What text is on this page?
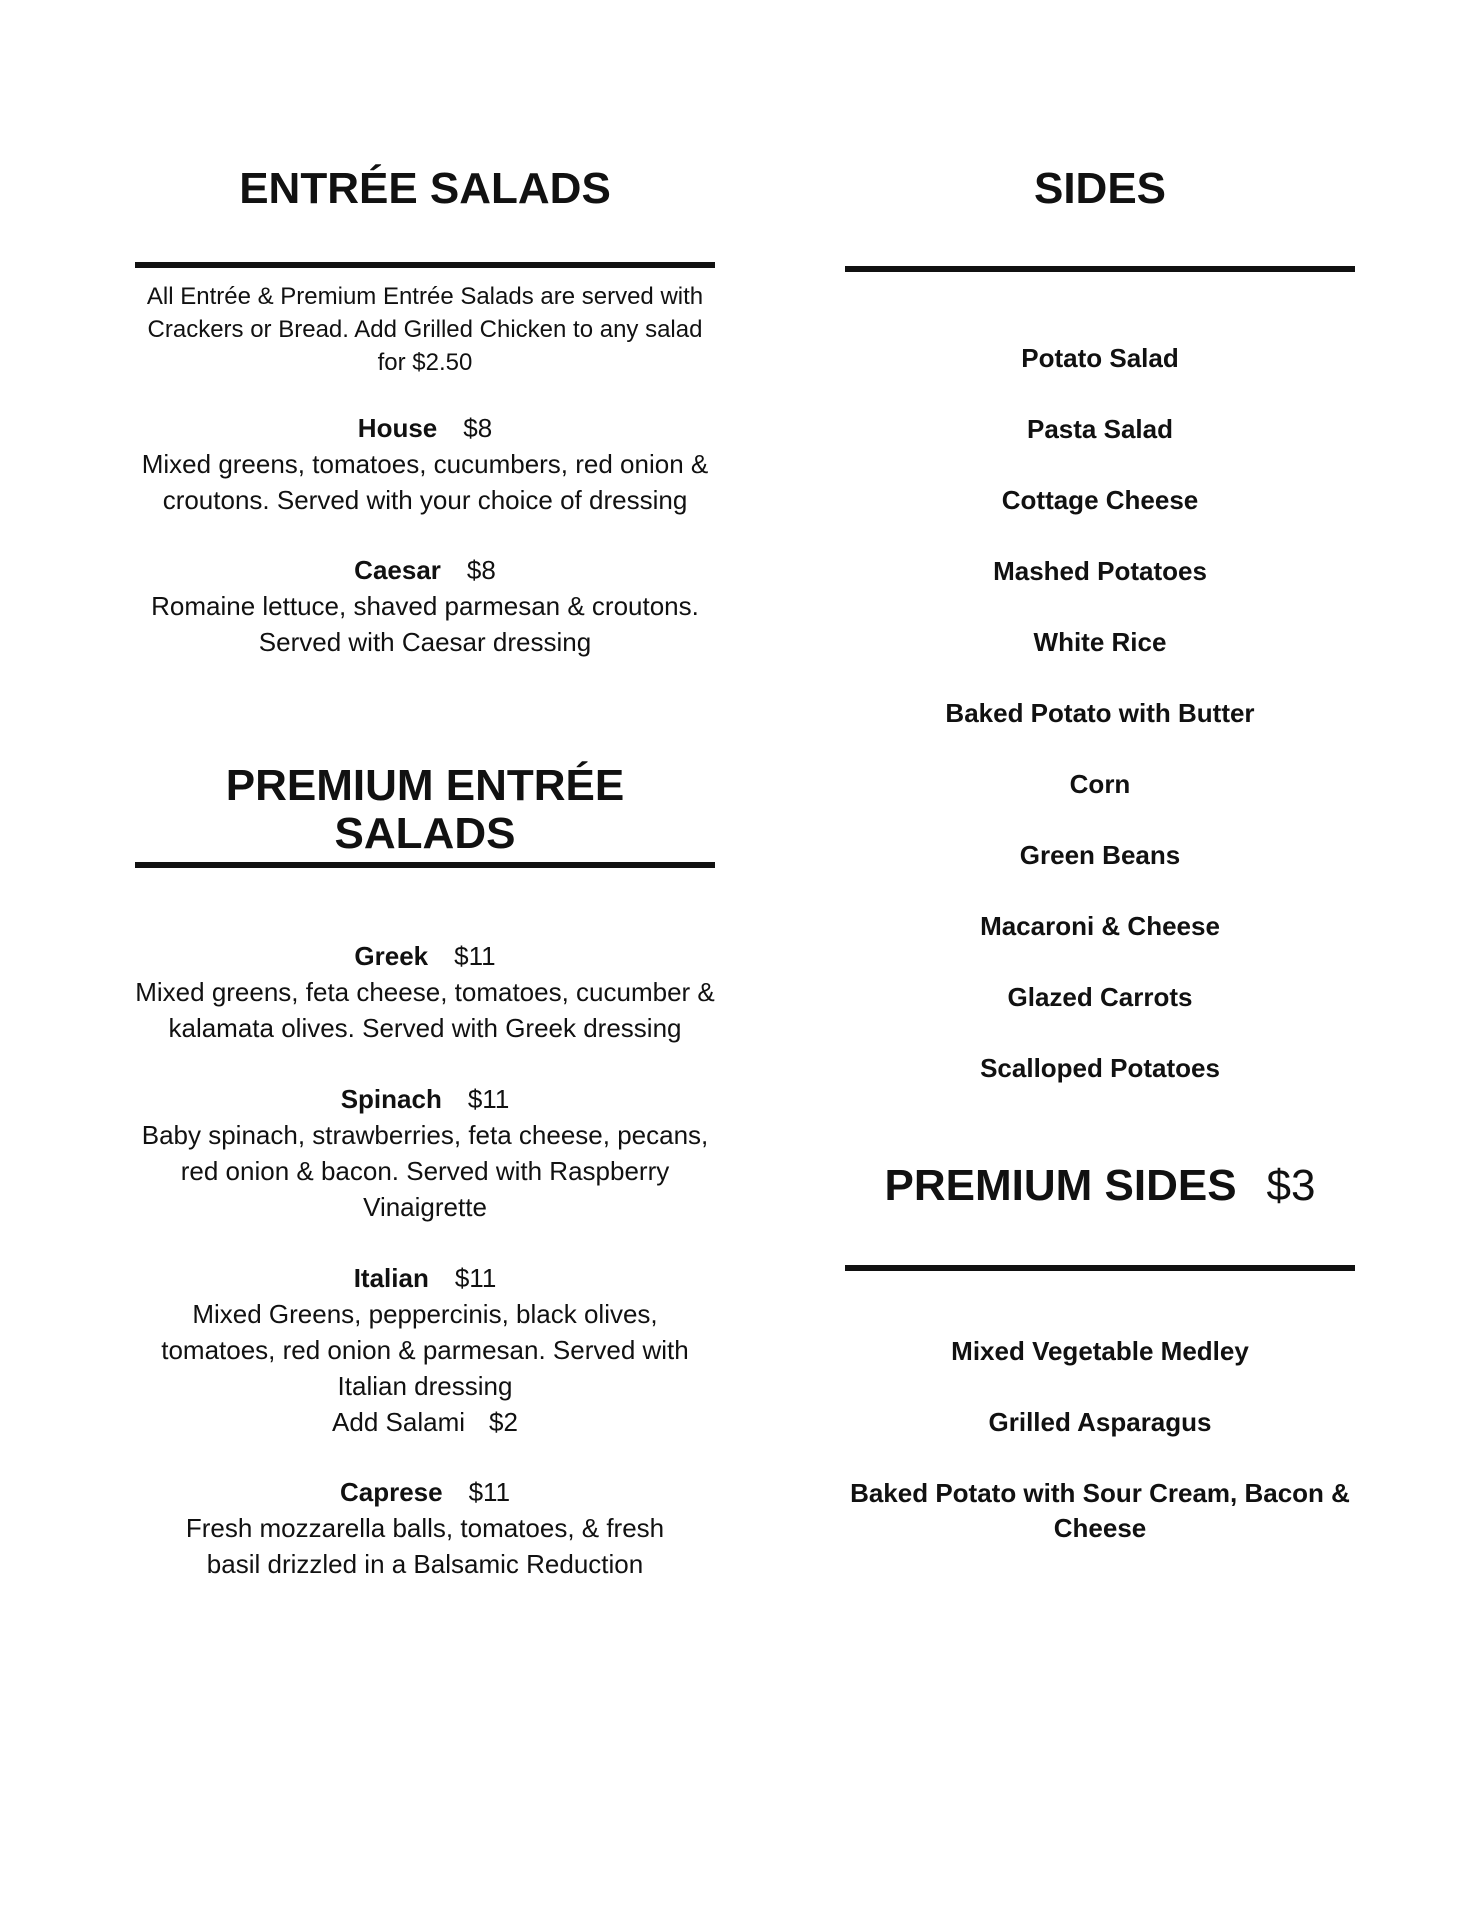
ENTRÉE SALADS
All Entrée & Premium Entrée Salads are served with Crackers or Bread. Add Grilled Chicken to any salad for $2.50
House $8
Mixed greens, tomatoes, cucumbers, red onion & croutons. Served with your choice of dressing
Caesar $8
Romaine lettuce, shaved parmesan & croutons. Served with Caesar dressing
PREMIUM ENTRÉE SALADS
Greek $11
Mixed greens, feta cheese, tomatoes, cucumber & kalamata olives. Served with Greek dressing
Spinach $11
Baby spinach, strawberries, feta cheese, pecans, red onion & bacon. Served with Raspberry Vinaigrette
Italian $11
Mixed Greens, peppercinis, black olives, tomatoes, red onion & parmesan. Served with Italian dressing
Add Salami $2
Caprese $11
Fresh mozzarella balls, tomatoes, & fresh basil drizzled in a Balsamic Reduction
SIDES
Potato Salad
Pasta Salad
Cottage Cheese
Mashed Potatoes
White Rice
Baked Potato with Butter
Corn
Green Beans
Macaroni & Cheese
Glazed Carrots
Scalloped Potatoes
PREMIUM SIDES $3
Mixed Vegetable Medley
Grilled Asparagus
Baked Potato with Sour Cream, Bacon & Cheese
